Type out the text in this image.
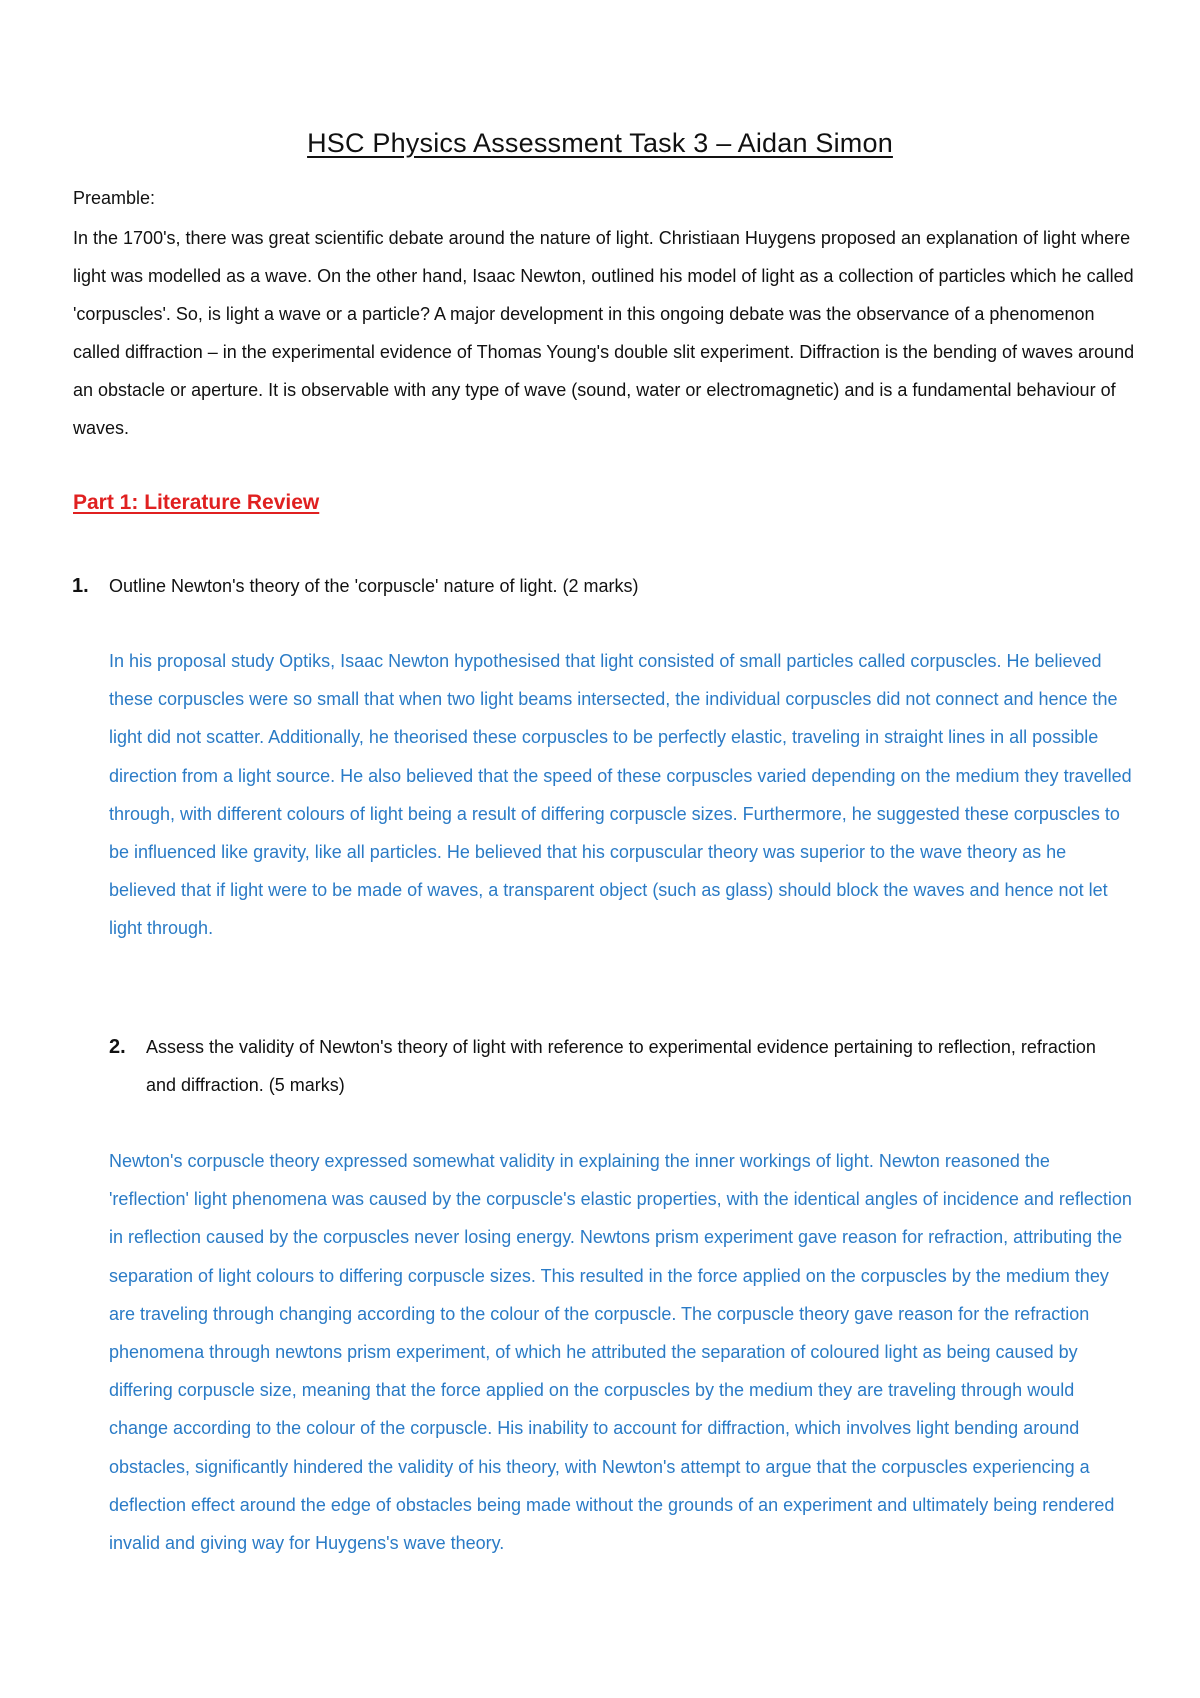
HSC Physics Assessment Task 3 – Aidan Simon
Preamble:

In the 1700's, there was great scientific debate around the nature of light. Christiaan Huygens proposed an explanation of light where light was modelled as a wave. On the other hand, Isaac Newton, outlined his model of light as a collection of particles which he called 'corpuscles'. So, is light a wave or a particle? A major development in this ongoing debate was the observance of a phenomenon called diffraction – in the experimental evidence of Thomas Young's double slit experiment. Diffraction is the bending of waves around an obstacle or aperture. It is observable with any type of wave (sound, water or electromagnetic) and is a fundamental behaviour of waves.

Part 1: Literature Review
1. Outline Newton's theory of the 'corpuscle' nature of light. (2 marks)

In his proposal study Optiks, Isaac Newton hypothesised that light consisted of small particles called corpuscles. He believed these corpuscles were so small that when two light beams intersected, the individual corpuscles did not connect and hence the light did not scatter. Additionally, he theorised these corpuscles to be perfectly elastic, traveling in straight lines in all possible direction from a light source. He also believed that the speed of these corpuscles varied depending on the medium they travelled through, with different colours of light being a result of differing corpuscle sizes. Furthermore, he suggested these corpuscles to be influenced like gravity, like all particles. He believed that his corpuscular theory was superior to the wave theory as he believed that if light were to be made of waves, a transparent object (such as glass) should block the waves and hence not let light through.

2. Assess the validity of Newton's theory of light with reference to experimental evidence pertaining to reflection, refraction and diffraction. (5 marks)

Newton's corpuscle theory expressed somewhat validity in explaining the inner workings of light. Newton reasoned the 'reflection' light phenomena was caused by the corpuscle's elastic properties, with the identical angles of incidence and reflection in reflection caused by the corpuscles never losing energy. Newtons prism experiment gave reason for refraction, attributing the separation of light colours to differing corpuscle sizes. This resulted in the force applied on the corpuscles by the medium they are traveling through changing according to the colour of the corpuscle. The corpuscle theory gave reason for the refraction phenomena through newtons prism experiment, of which he attributed the separation of coloured light as being caused by differing corpuscle size, meaning that the force applied on the corpuscles by the medium they are traveling through would change according to the colour of the corpuscle. His inability to account for diffraction, which involves light bending around obstacles, significantly hindered the validity of his theory, with Newton's attempt to argue that the corpuscles experiencing a deflection effect around the edge of obstacles being made without the grounds of an experiment and ultimately being rendered invalid and giving way for Huygens's wave theory.
